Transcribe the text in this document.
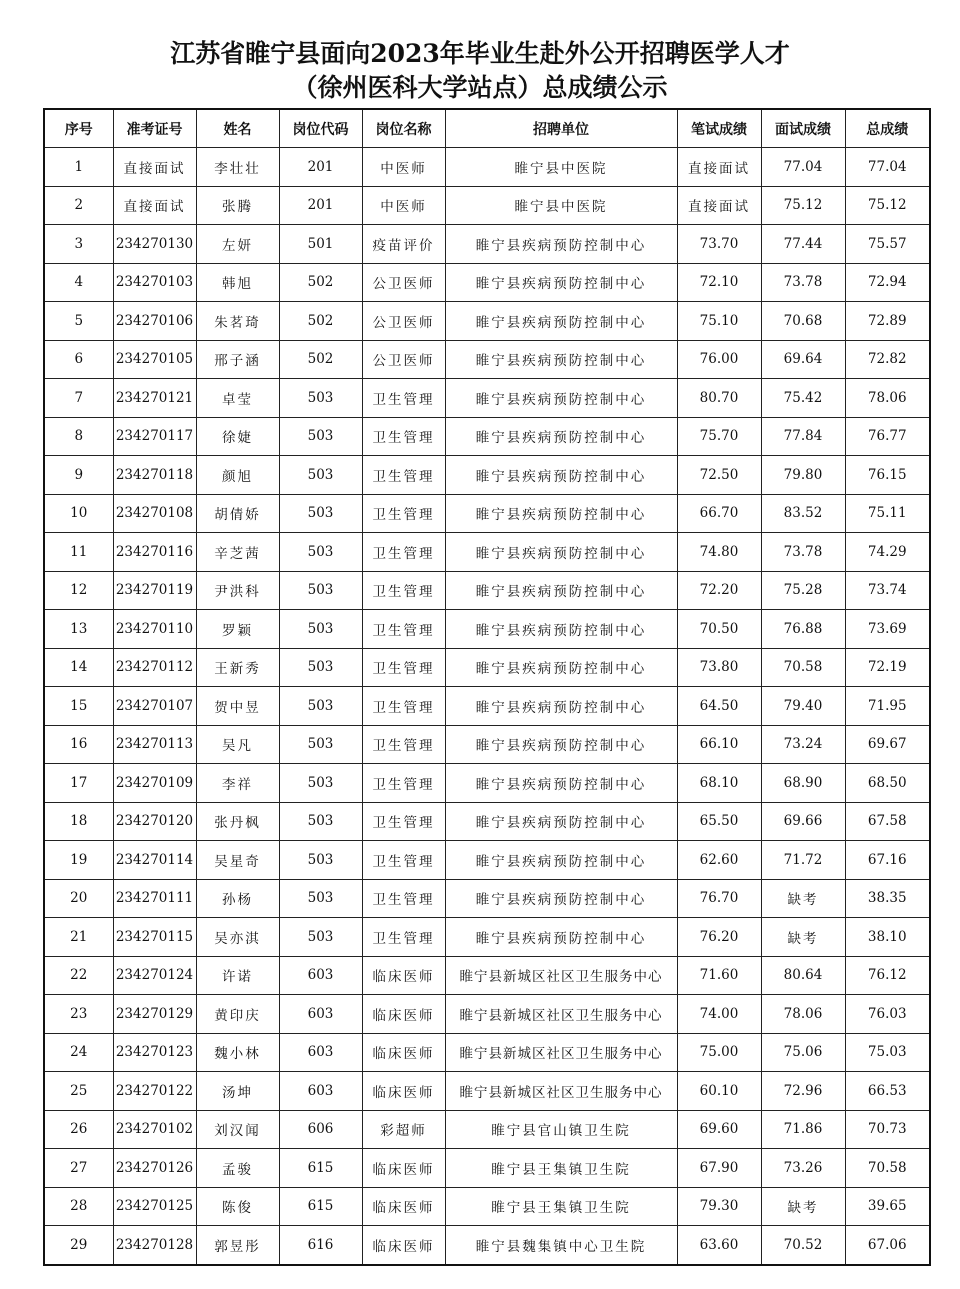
江苏省睢宁县面向2023年毕业生赴外公开招聘医学人才
（徐州医科大学站点）总成绩公示
序号	准考证号	姓名	岗位代码	岗位名称	招聘单位	笔试成绩	面试成绩	总成绩
1	直接面试	李壮壮	201	中医师	睢宁县中医院	直接面试	77.04	77.04
2	直接面试	张腾	201	中医师	睢宁县中医院	直接面试	75.12	75.12
3	234270130	左妍	501	疫苗评价	睢宁县疾病预防控制中心	73.70	77.44	75.57
4	234270103	韩旭	502	公卫医师	睢宁县疾病预防控制中心	72.10	73.78	72.94
5	234270106	朱茗琦	502	公卫医师	睢宁县疾病预防控制中心	75.10	70.68	72.89
6	234270105	邢子涵	502	公卫医师	睢宁县疾病预防控制中心	76.00	69.64	72.82
7	234270121	卓莹	503	卫生管理	睢宁县疾病预防控制中心	80.70	75.42	78.06
8	234270117	徐婕	503	卫生管理	睢宁县疾病预防控制中心	75.70	77.84	76.77
9	234270118	颜旭	503	卫生管理	睢宁县疾病预防控制中心	72.50	79.80	76.15
10	234270108	胡倩娇	503	卫生管理	睢宁县疾病预防控制中心	66.70	83.52	75.11
11	234270116	辛芝茜	503	卫生管理	睢宁县疾病预防控制中心	74.80	73.78	74.29
12	234270119	尹洪科	503	卫生管理	睢宁县疾病预防控制中心	72.20	75.28	73.74
13	234270110	罗颖	503	卫生管理	睢宁县疾病预防控制中心	70.50	76.88	73.69
14	234270112	王新秀	503	卫生管理	睢宁县疾病预防控制中心	73.80	70.58	72.19
15	234270107	贺中昱	503	卫生管理	睢宁县疾病预防控制中心	64.50	79.40	71.95
16	234270113	吴凡	503	卫生管理	睢宁县疾病预防控制中心	66.10	73.24	69.67
17	234270109	李祥	503	卫生管理	睢宁县疾病预防控制中心	68.10	68.90	68.50
18	234270120	张丹枫	503	卫生管理	睢宁县疾病预防控制中心	65.50	69.66	67.58
19	234270114	吴星奇	503	卫生管理	睢宁县疾病预防控制中心	62.60	71.72	67.16
20	234270111	孙杨	503	卫生管理	睢宁县疾病预防控制中心	76.70	缺考	38.35
21	234270115	吴亦淇	503	卫生管理	睢宁县疾病预防控制中心	76.20	缺考	38.10
22	234270124	许诺	603	临床医师	睢宁县新城区社区卫生服务中心	71.60	80.64	76.12
23	234270129	黄印庆	603	临床医师	睢宁县新城区社区卫生服务中心	74.00	78.06	76.03
24	234270123	魏小林	603	临床医师	睢宁县新城区社区卫生服务中心	75.00	75.06	75.03
25	234270122	汤坤	603	临床医师	睢宁县新城区社区卫生服务中心	60.10	72.96	66.53
26	234270102	刘汉闻	606	彩超师	睢宁县官山镇卫生院	69.60	71.86	70.73
27	234270126	孟骏	615	临床医师	睢宁县王集镇卫生院	67.90	73.26	70.58
28	234270125	陈俊	615	临床医师	睢宁县王集镇卫生院	79.30	缺考	39.65
29	234270128	郭昱彤	616	临床医师	睢宁县魏集镇中心卫生院	63.60	70.52	67.06
